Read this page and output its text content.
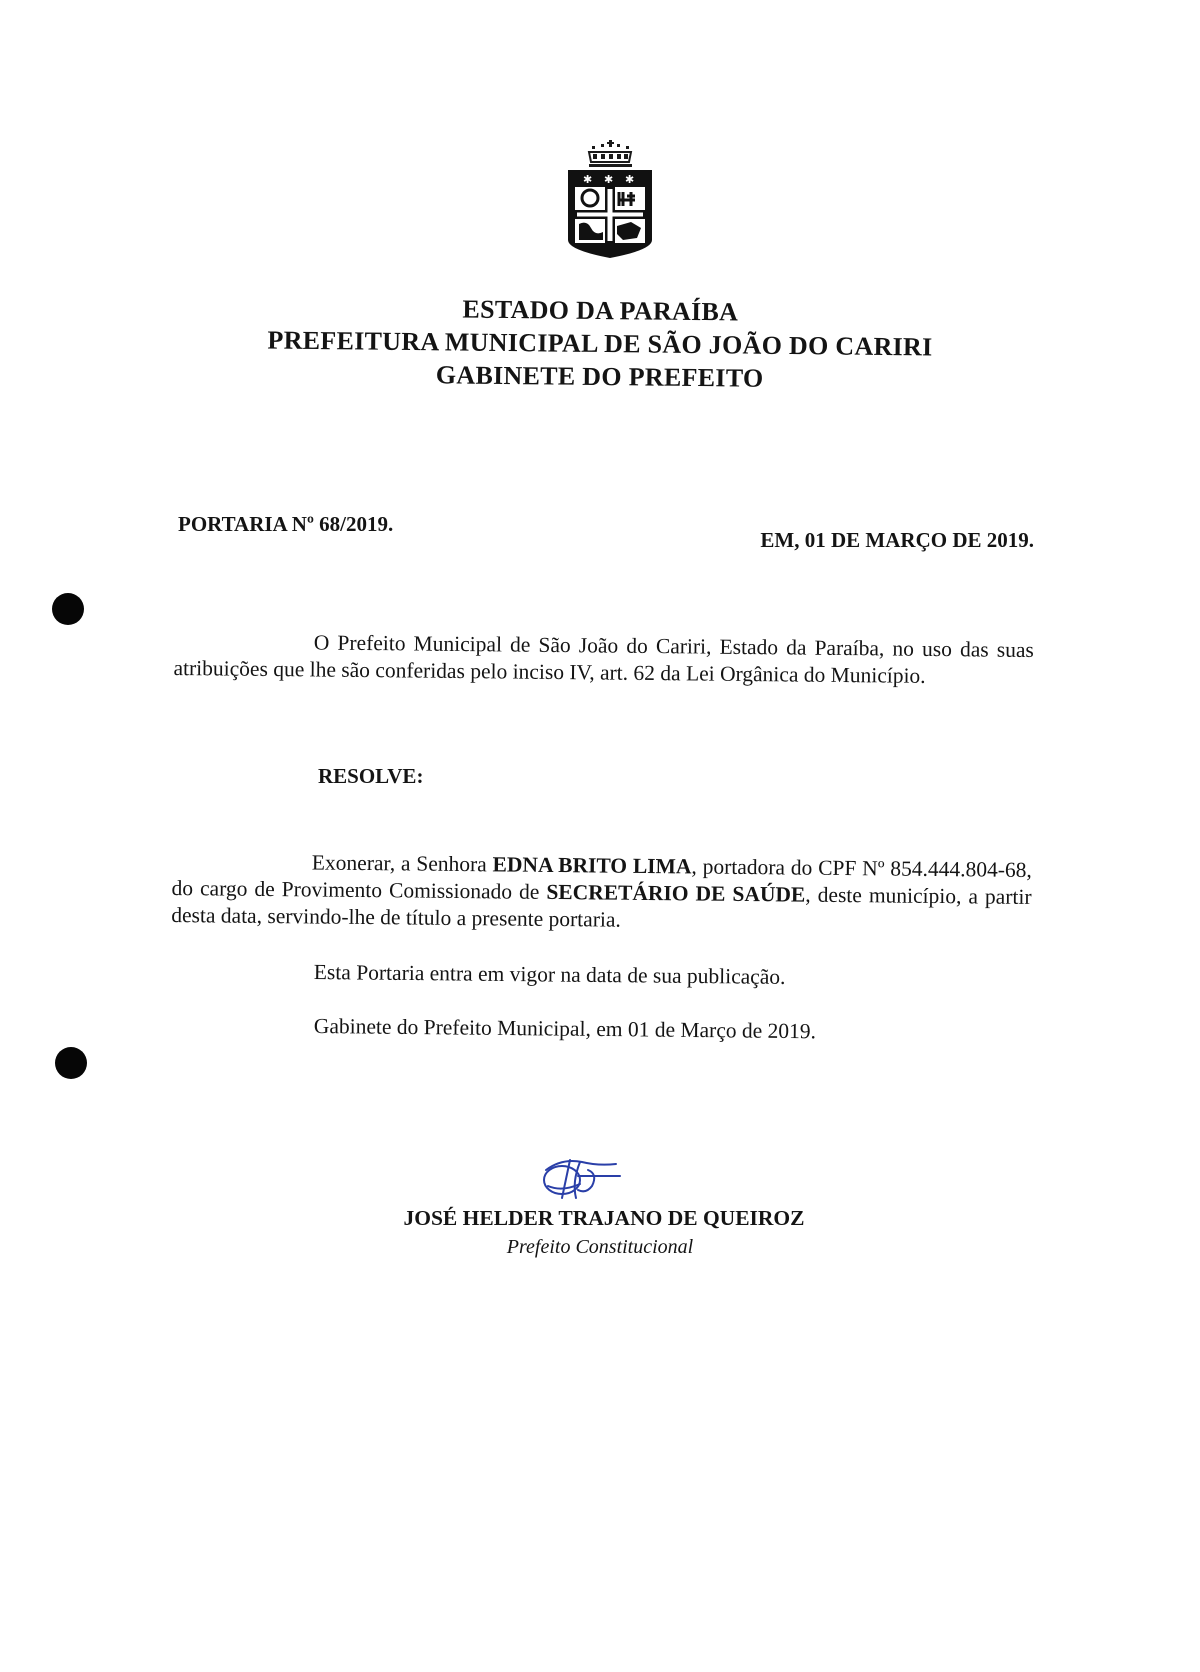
✱ ✱ ✱
ESTADO DA PARAÍBA
PREFEITURA MUNICIPAL DE SÃO JOÃO DO CARIRI
GABINETE DO PREFEITO
PORTARIA Nº 68/2019.
EM, 01 DE MARÇO DE 2019.
O Prefeito Municipal de São João do Cariri, Estado da Paraíba, no uso das suas atribuições que lhe são conferidas pelo inciso IV, art. 62 da Lei Orgânica do Município.
RESOLVE:
Exonerar, a Senhora EDNA BRITO LIMA, portadora do CPF Nº 854.444.804-68, do cargo de Provimento Comissionado de SECRETÁRIO DE SAÚDE, deste município, a partir desta data, servindo-lhe de título a presente portaria.
Esta Portaria entra em vigor na data de sua publicação.
Gabinete do Prefeito Municipal, em 01 de Março de 2019.
JOSÉ HELDER TRAJANO DE QUEIROZ
Prefeito Constitucional
